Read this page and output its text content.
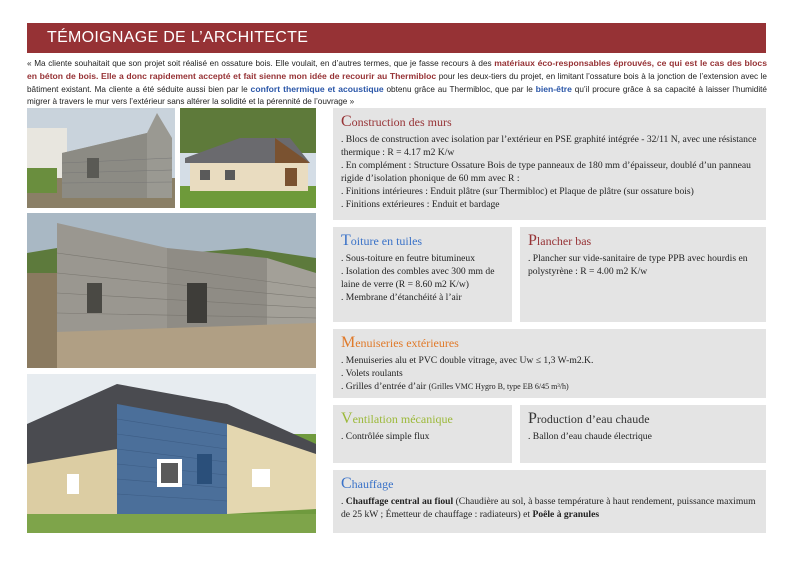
TÉMOIGNAGE DE L’ARCHITECTE
« Ma cliente souhaitait que son projet soit réalisé en ossature bois. Elle voulait, en d’autres termes, que je fasse recours à des matériaux éco-responsables éprouvés, ce qui est le cas des blocs en béton de bois. Elle a donc rapidement accepté et fait sienne mon idée de recourir au Thermibloc pour les deux-tiers du projet, en limitant l’ossature bois à la jonction de l’extension avec le bâtiment existant. Ma cliente a été séduite aussi bien par le confort thermique et acoustique obtenu grâce au Thermibloc, que par le bien-être qu’il procure grâce à sa capacité à laisser l’humidité migrer à travers le mur vers l’extérieur sans altérer la solidité et la pérennité de l’ouvrage »
Construction des murs

. Blocs de construction avec isolation par l’extérieur en PSE graphité intégrée - 32/11 N, avec une résistance thermique : R = 4.17 m2 K/w

. En complément : Structure Ossature Bois de type panneaux de 180 mm d’épaisseur, doublé d’un panneau rigide d’isolation phonique de 60 mm avec R :

. Finitions intérieures : Enduit plâtre (sur Thermibloc) et Plaque de plâtre (sur ossature bois)

. Finitions extérieures : Enduit et bardage

Toiture en tuiles

. Sous-toiture en feutre bitumineux

. Isolation des combles avec 300 mm de laine de verre (R = 8.60 m2 K/w)

. Membrane d’étanchéité à l’air

Plancher bas

. Plancher sur vide-sanitaire de type PPB avec hourdis en polystyrène : R = 4.00 m2 K/w

Menuiseries extérieures

. Menuiseries alu et PVC double vitrage, avec Uw ≤ 1,3 W-m2.K.

. Volets roulants

. Grilles d’entrée d’air (Grilles VMC Hygro B, type EB 6/45 m³/h)

Ventilation mécanique

. Contrôlée simple flux

Production d’eau chaude

. Ballon d’eau chaude électrique

Chauffage

. Chauffage central au fioul (Chaudière au sol, à basse température à haut rendement, puissance maximum de 25 kW ; Émetteur de chauffage : radiateurs) et Poêle à granules
